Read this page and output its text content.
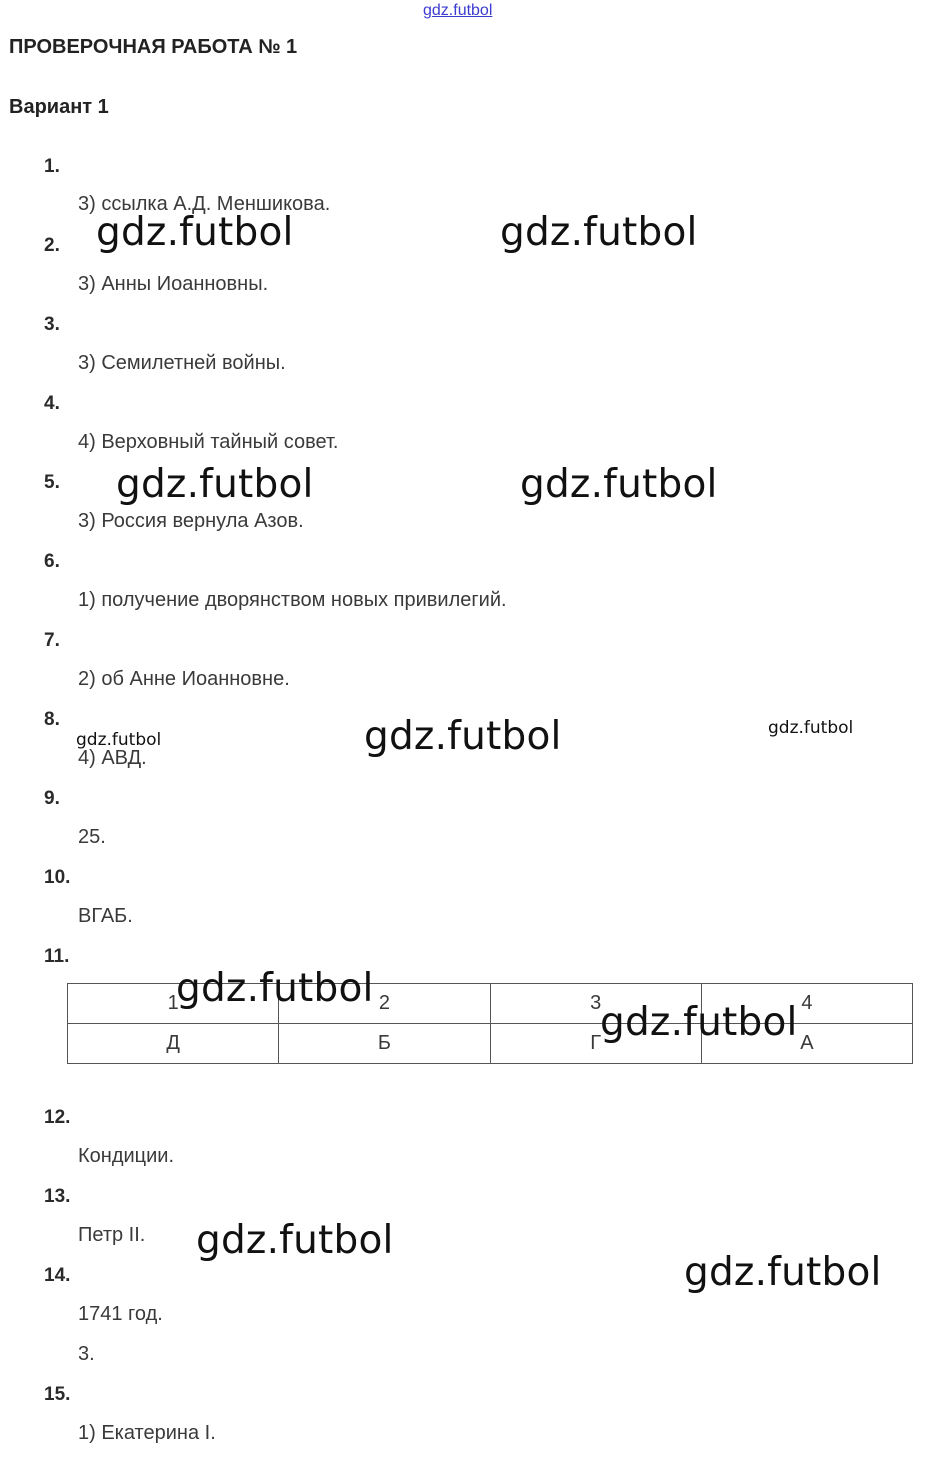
gdz.futbol
ПРОВЕРОЧНАЯ РАБОТА № 1
Вариант 1
1.
2.
3.
4.
5.
6.
7.
8.
9.
10.
11.
12.
13.
14.
15.
3) ссылка А.Д. Меншикова.
3) Анны Иоанновны.
3) Семилетней войны.
4) Верховный тайный совет.
3) Россия вернула Азов.
1) получение дворянством новых привилегий.
2) об Анне Иоанновне.
4) АВД.
25.
ВГАБ.
Кондиции.
Петр II.
1741 год.
3.
1) Екатерина I.
1	2	3	4
Д	Б	Г	А
gdz.futbol	gdz.futbol
gdz.futbol	gdz.futbol
gdz.futbol
gdz.futbol
gdz.futbol
gdz.futbol
gdz.futbol
gdz.futbol
gdz.futbol
